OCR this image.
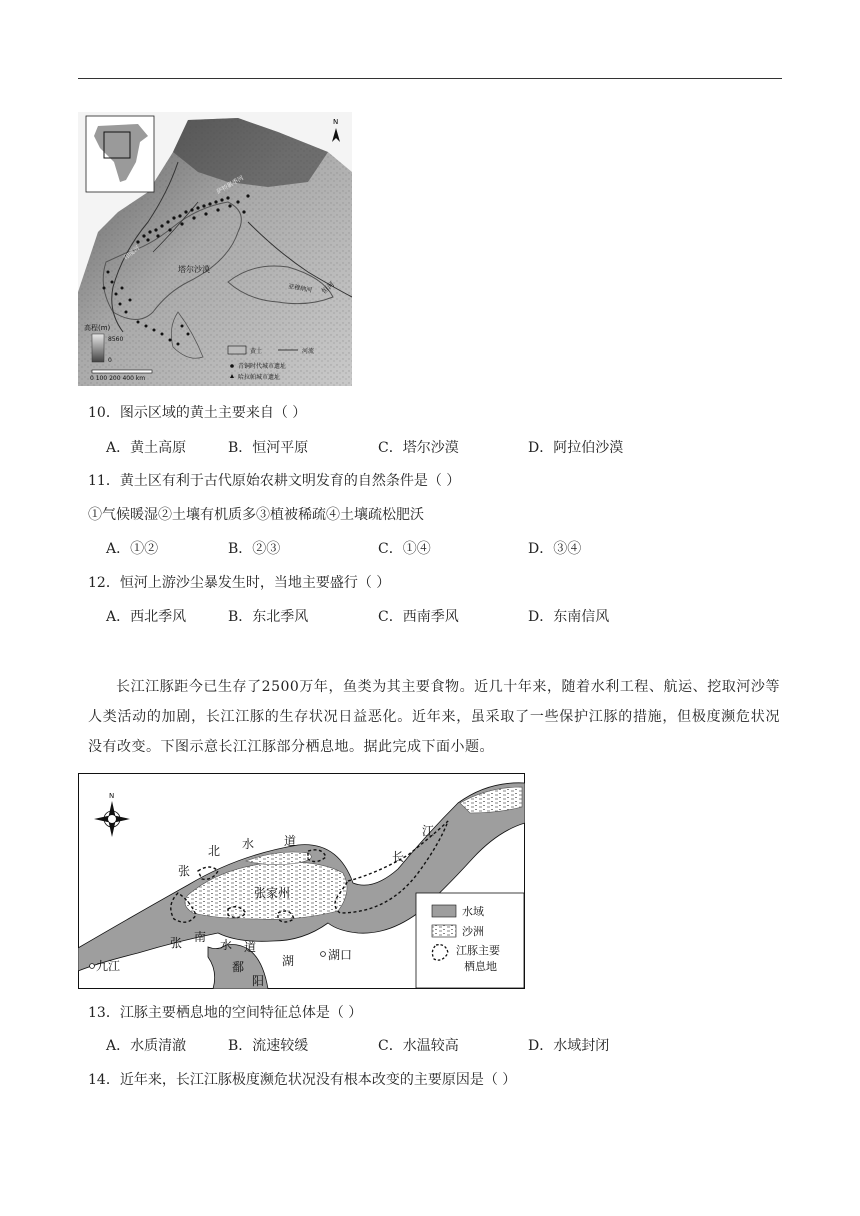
N
塔尔沙漠
恒河
印度河
萨特累季河
亚穆纳河
高程(m)
8560
0
0 100 200 400 km
黄土	河流
青铜时代城市遗址
哈拉帕城市遗址
10．图示区域的黄土主要来自（ ）
A．黄土高原	B．恒河平原	C．塔尔沙漠	D．阿拉伯沙漠
11．黄土区有利于古代原始农耕文明发育的自然条件是（ ）
①气候暖湿②土壤有机质多③植被稀疏④土壤疏松肥沃
A．①②	B．②③	C．①④	D．③④
12．恒河上游沙尘暴发生时，当地主要盛行（ ）
A．西北季风	B．东北季风	C．西南季风	D．东南信风

长江江豚距今已生存了2500万年，鱼类为其主要食物。近几十年来，随着水利工程、航运、挖取河沙等人类活动的加剧，长江江豚的生存状况日益恶化。近年来，虽采取了一些保护江豚的措施，但极度濒危状况没有改变。下图示意长江江豚部分栖息地。据此完成下面小题。

N
江
长
北 水 道
张
张家州
张 南
水 道
九江	鄱
阳
湖	湖口
水域
沙洲
江豚主要
栖息地
13．江豚主要栖息地的空间特征总体是（ ）
A．水质清澈	B．流速较缓	C．水温较高	D．水域封闭
14．近年来，长江江豚极度濒危状况没有根本改变的主要原因是（ ）
